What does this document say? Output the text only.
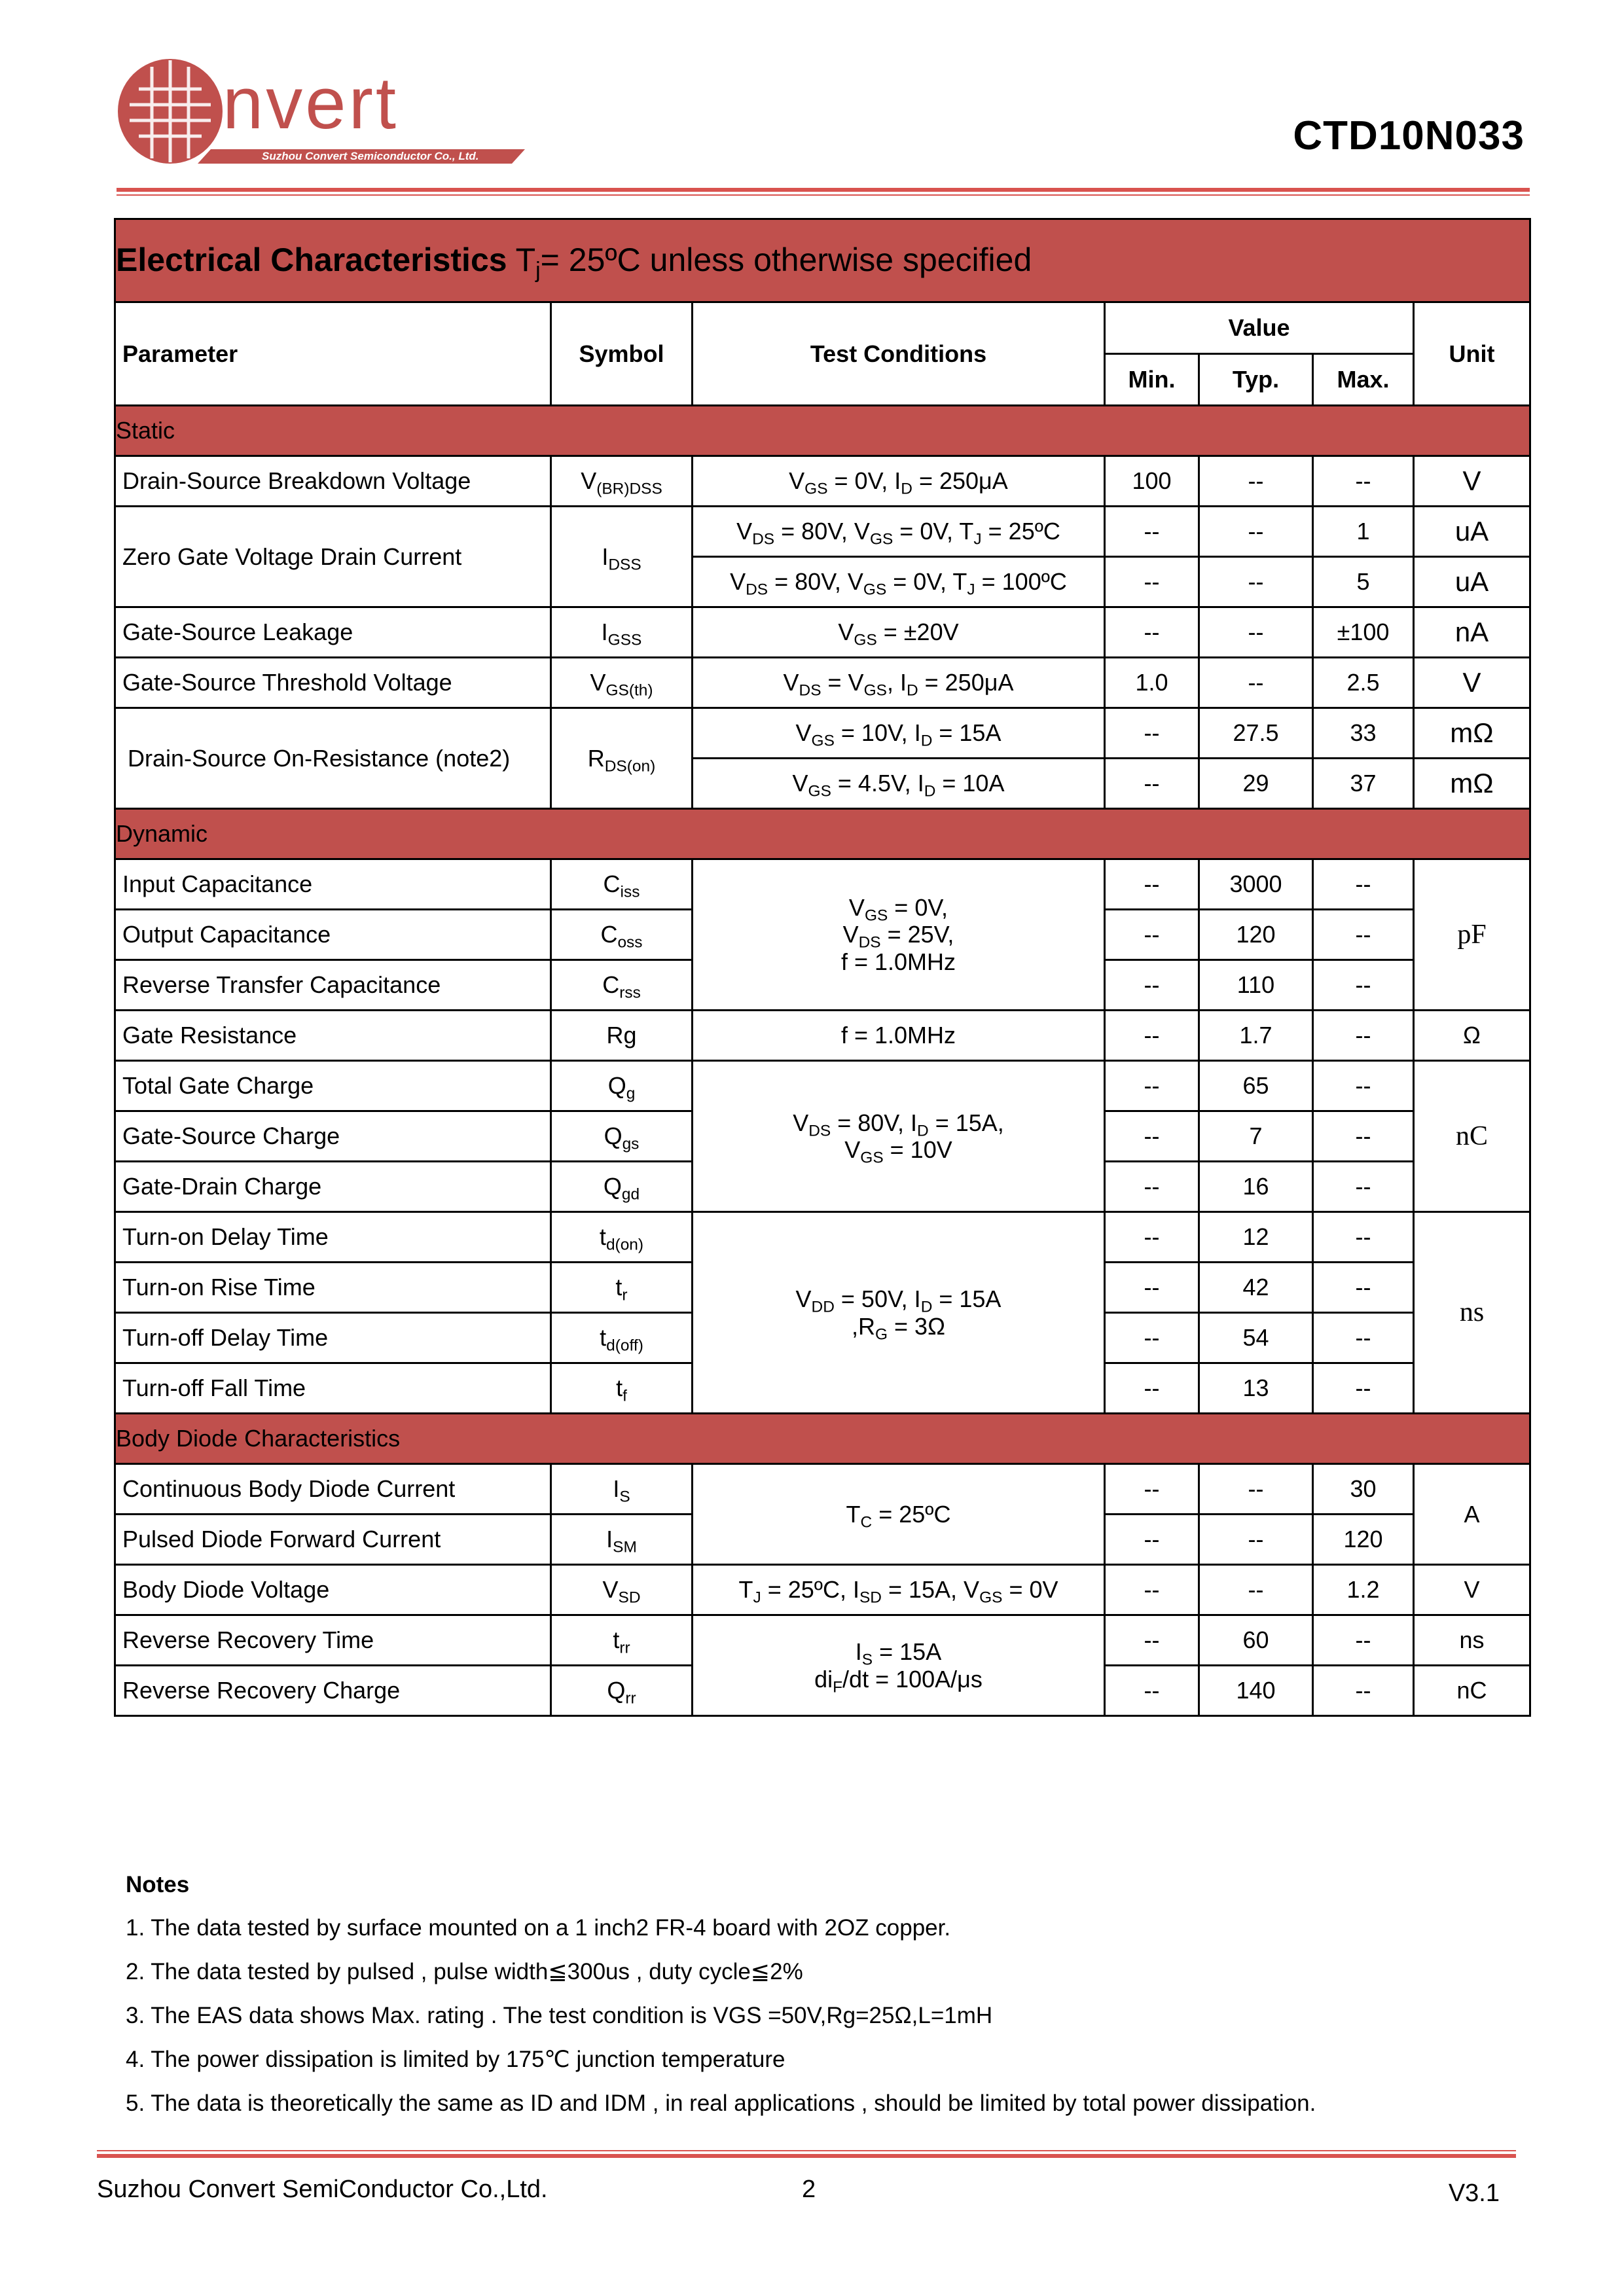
nvert
Suzhou Convert Semiconductor Co., Ltd.	CTD10N033
Electrical Characteristics $T_j=$ 25ºC unless otherwise specified						
Parameter	Symbol	Test Conditions	Value			Unit
			Min.	Typ.	Max.	
Static						
Drain-Source Breakdown Voltage	$V_{(BR)DSS}$	$V_{GS} = 0V$, $I_D = 250\mu A$	100	--	--	V
Zero Gate Voltage Drain Current	$I_{DSS}$	$V_{DS} = 80V$, $V_{GS} = 0V$, $T_J$ = 25ºC	--	--	1	uA
		$V_{DS} = 80V$, $V_{GS} = 0V$, $T_J$ = 100ºC	--	--	5	uA
Gate-Source Leakage	$I_{GSS}$	$V_{GS} = \pm 20V$	--	--	±100	nA
Gate-Source Threshold Voltage	$V_{GS(th)}$	$V_{DS} = V_{GS}$, $I_D = 250\mu A$	1.0	--	2.5	V
Drain-Source On-Resistance (note2)	$R_{DS(on)}$	$V_{GS} = 10V$, $I_D = 15A$	--	27.5	33	mΩ
		$V_{GS} = 4.5V$, $I_D = 10A$	--	29	37	mΩ
Dynamic						
Input Capacitance	$C_{iss}$	$V_{GS} = 0V$,
$V_{DS} = 25V$,
f = 1.0MHz	--	3000	--	pF
Output Capacitance	$C_{oss}$		--	120	--	
Reverse Transfer Capacitance	$C_{rss}$		--	110	--	
Gate Resistance	Rg	f = 1.0MHz	--	1.7	--	Ω
Total Gate Charge	$Q_g$	$V_{DS} = 80V$, $I_D = 15A$,
$V_{GS} = 10V$	--	65	--	nC
Gate-Source Charge	$Q_{gs}$		--	7	--	
Gate-Drain Charge	$Q_{gd}$		--	16	--	
Turn-on Delay Time	$t_{d(on)}$	$V_{DD} = 50V$, $I_D = 15A$
$,R_G = 3\Omega$	--	12	--	ns
Turn-on Rise Time	$t_r$		--	42	--	
Turn-off Delay Time	$t_{d(off)}$		--	54	--	
Turn-off Fall Time	$t_f$		--	13	--	
Body Diode Characteristics						
Continuous Body Diode Current	$I_S$	$T_C$ = 25ºC	--	--	30	A
Pulsed Diode Forward Current	$I_{SM}$		--	--	120	
Body Diode Voltage	$V_{SD}$	$T_J$ = 25ºC, $I_{SD} = 15A$, $V_{GS} = 0V$	--	--	1.2	V
Reverse Recovery Time	$t_{rr}$	$I_S = 15A$
$di_F/dt = 100A/\mu s$	--	60	--	ns
Reverse Recovery Charge	$Q_{rr}$		--	140	--	nC
Notes
1. The data tested by surface mounted on a 1 inch2 FR-4 board with 2OZ copper.
2. The data tested by pulsed , pulse width≦300us , duty cycle≦2%
3. The EAS data shows Max. rating . The test condition is VGS =50V,Rg=25Ω,L=1mH
4. The power dissipation is limited by 175℃ junction temperature
5. The data is theoretically the same as ID and IDM , in real applications , should be limited by total power dissipation.
Suzhou Convert SemiConductor Co.,Ltd.	2	V3.1
